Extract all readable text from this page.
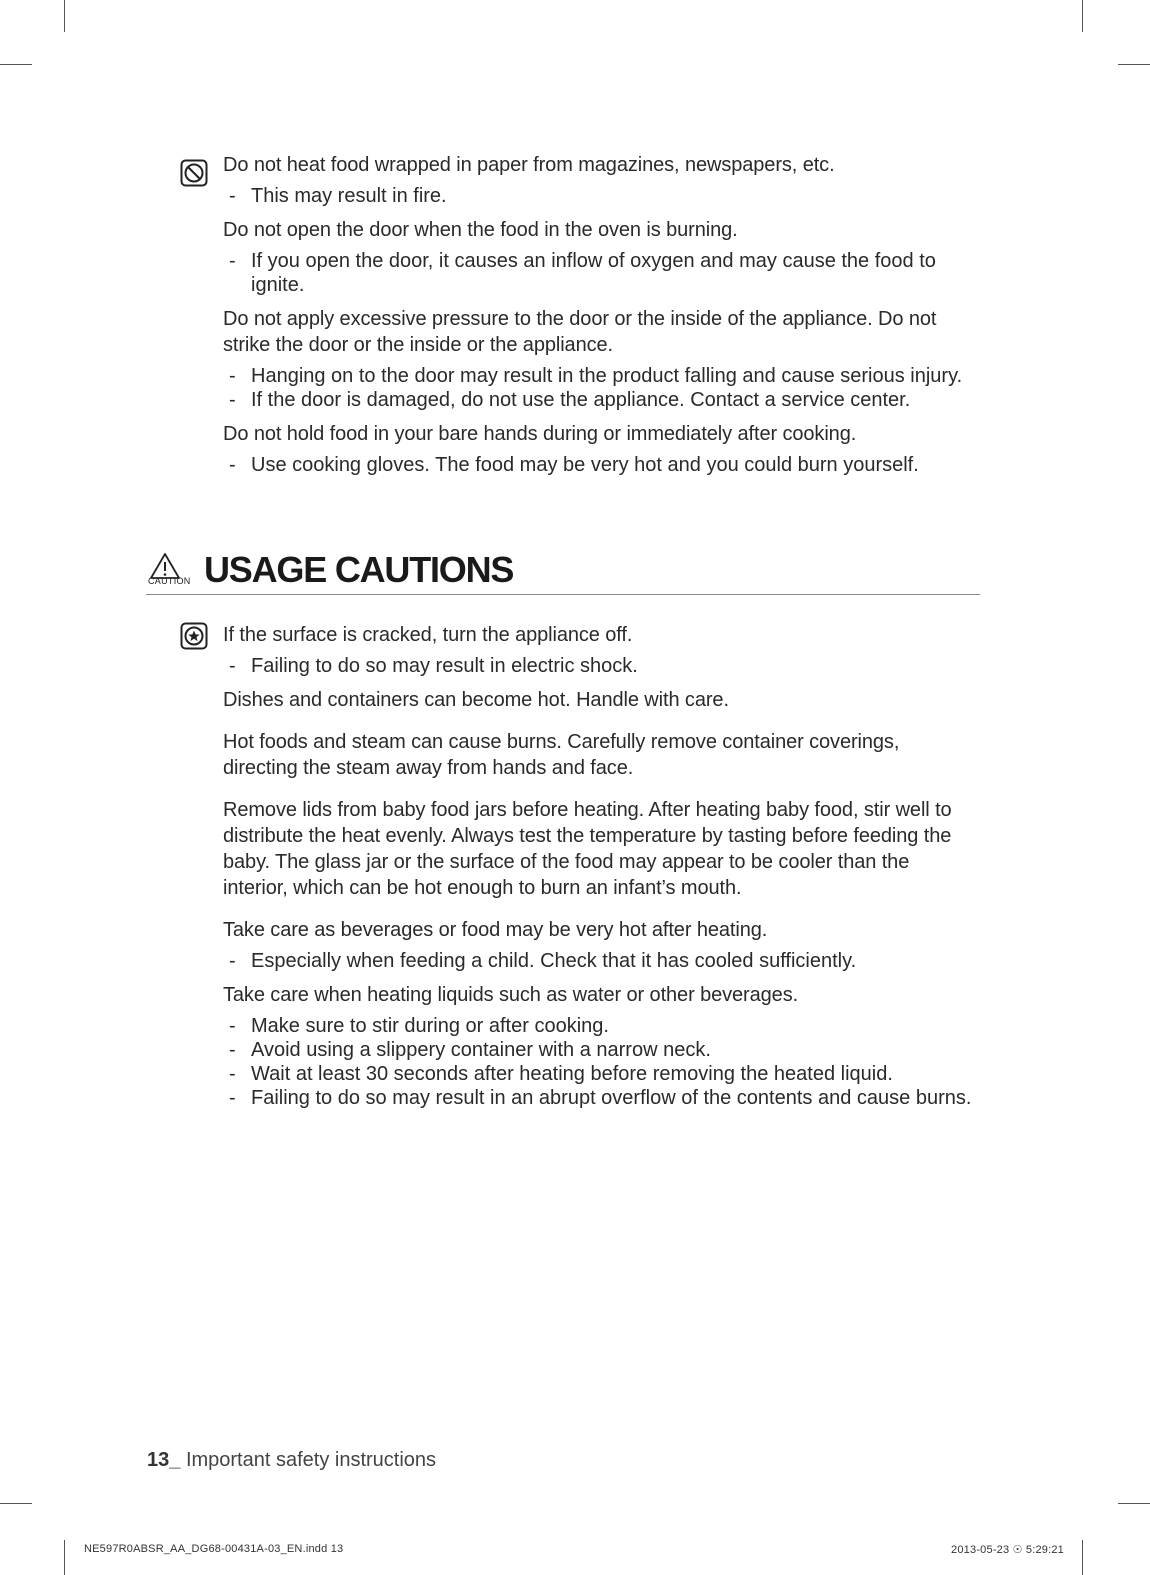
Do not heat food wrapped in paper from magazines, newspapers, etc.
- This may result in fire.
Do not open the door when the food in the oven is burning.
- If you open the door, it causes an inflow of oxygen and may cause the food to ignite.
Do not apply excessive pressure to the door or the inside of the appliance. Do not strike the door or the inside or the appliance.
- Hanging on to the door may result in the product falling and cause serious injury.
- If the door is damaged, do not use the appliance. Contact a service center.
Do not hold food in your bare hands during or immediately after cooking.
- Use cooking gloves. The food may be very hot and you could burn yourself.
CAUTION USAGE CAUTIONS
If the surface is cracked, turn the appliance off.
- Failing to do so may result in electric shock.
Dishes and containers can become hot. Handle with care.
Hot foods and steam can cause burns. Carefully remove container coverings, directing the steam away from hands and face.
Remove lids from baby food jars before heating. After heating baby food, stir well to distribute the heat evenly. Always test the temperature by tasting before feeding the baby. The glass jar or the surface of the food may appear to be cooler than the interior, which can be hot enough to burn an infant’s mouth.
Take care as beverages or food may be very hot after heating.
- Especially when feeding a child. Check that it has cooled sufficiently.
Take care when heating liquids such as water or other beverages.
- Make sure to stir during or after cooking.
- Avoid using a slippery container with a narrow neck.
- Wait at least 30 seconds after heating before removing the heated liquid.
- Failing to do so may result in an abrupt overflow of the contents and cause burns.
13_ Important safety instructions
NE597R0ABSR_AA_DG68-00431A-03_EN.indd 13	2013-05-23 ☉ 5:29:21
